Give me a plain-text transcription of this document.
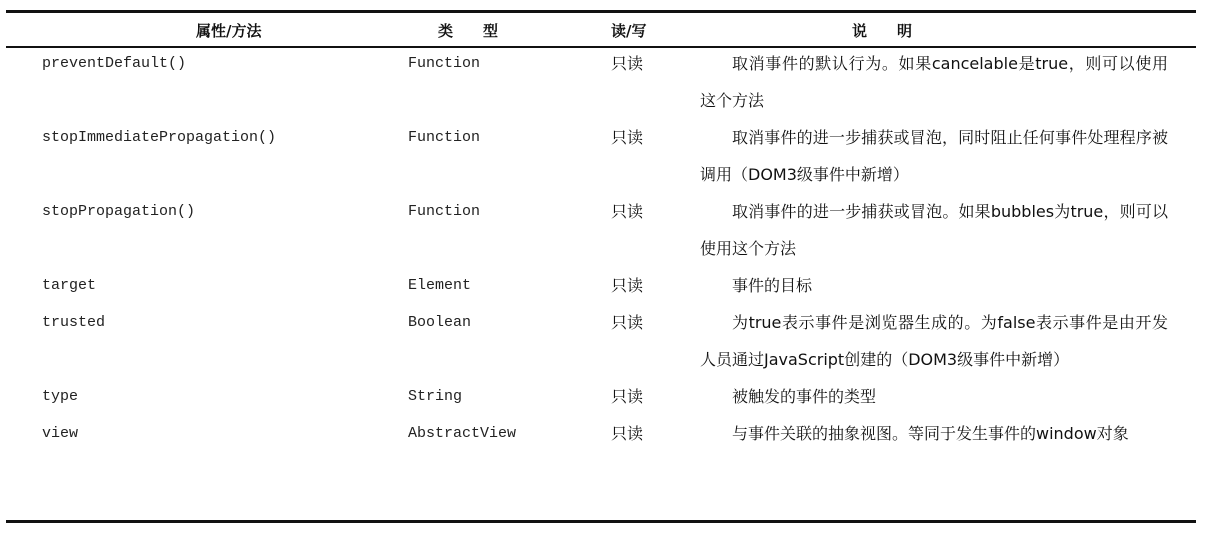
属性/方法	类　　型	读/写	说　　明
preventDefault()	Function	只读	取消事件的默认行为。如果cancelable是true，则可以使用这个方法
stopImmediatePropagation()	Function	只读	取消事件的进一步捕获或冒泡，同时阻止任何事件处理程序被调用（DOM3级事件中新增）
stopPropagation()	Function	只读	取消事件的进一步捕获或冒泡。如果bubbles为true，则可以使用这个方法
target	Element	只读	事件的目标
trusted	Boolean	只读	为true表示事件是浏览器生成的。为false表示事件是由开发人员通过JavaScript创建的（DOM3级事件中新增）
type	String	只读	被触发的事件的类型
view	AbstractView	只读	与事件关联的抽象视图。等同于发生事件的window对象
